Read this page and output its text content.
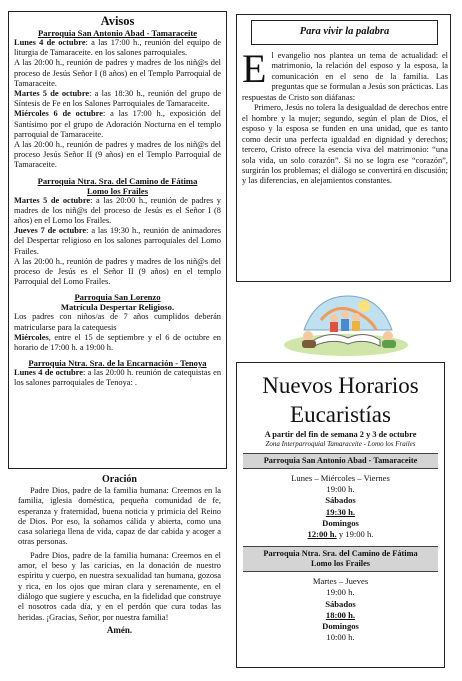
Avisos
Parroquia San Antonio Abad - Tamaraceite
Lunes 4 de octubre: a las 17:00 h., reunión del equipo de liturgia de Tamaraceite. en los salones parroquiales.
A las 20:00 h., reunión de padres y madres de los niñ@s del proceso de Jesús Señor I (8 años) en el Templo Parroquial de Tamaraceite.
Martes 5 de octubre: a las 18:30 h., reunión del grupo de Síntesis de Fe en los Salones Parroquiales de Tamaraceite.
Miércoles 6 de octubre: a las 17:00 h., exposición del Santísimo por el grupo de Adoración Nocturna en el templo parroquial de Tamaraceite.
A las 20:00 h., reunión de padres y madres de los niñ@s del proceso Jesús Señor II (9 años) en el Templo Parroquial de Tamaraceite.
Parroquia Ntra. Sra. del Camino de Fátima
Lomo los Frailes
Martes 5 de octubre: a las 20:00 h., reunión de padres y madres de los niñ@s del proceso de Jesús es el Señor I (8 años) en el Lomo los Frailes.
Jueves 7 de octubre: a las 19:30 h., reunión de animadores del Despertar religioso en los salones parroquiales del Lomo Frailes.
A las 20:00 h., reunión de padres y madres de los niñ@s del proceso de Jesús es el Señor II (9 años) en el templo Parroquial del Lomo Frailes.
Parroquia San Lorenzo
Matrícula Despertar Religioso.
Los padres con niños/as de 7 años cumplidos deberán matricularse para la catequesis
Miércoles, entre el 15 de septiembre y el 6 de octubre en horario de 17:00 h. a 19:00 h.
Parroquia Ntra. Sra. de la Encarnación - Tenoya
Lunes 4 de octubre: a las 20:00 h. reunión de catequistas en los salones parroquiales de Tenoya: .
Oración
Padre Dios, padre de la familia humana: Creemos en la familia, iglesia doméstica, pequeña comunidad de fe, esperanza y fraternidad, buena noticia y primicia del Reino de Dios. Por eso, la soñamos cálida y abierta, como una casa solariega llena de vida, capaz de dar cabida y acoger a otras personas.
Padre Dios, padre de la familia humana: Creemos en el amor, el beso y las caricias, en la donación de nuestro espíritu y cuerpo, en nuestra sexualidad tan humana, gozosa y rica, en los ojos que miran clara y serenamente, en el diálogo que sugiere y escucha, en la fidelidad que construye el nosotros cada día, y en el perdón que cura todas las heridas. ¡Gracias, Señor, por nuestra familia!
Amén.
Para vivir la palabra
El evangelio nos plantea un tema de actualidad: el matrimonio, la relación del esposo y la esposa, la comunicación en el seno de la familia. Las preguntas que se formulan a Jesús son prácticas. Las respuestas de Cristo son diáfanas:
Primero, Jesús no tolera la desigualdad de derechos entre el hombre y la mujer; segundo, según el plan de Dios, el esposo y la esposa se funden en una unidad, que es tanto como decir una perfecta igualdad en dignidad y derechos; tercero, Cristo ofrece la esencia viva del matrimonio: “una sola vida, un solo corazón”. Si no se logra ese “corazón”, surgirán los problemas; el diálogo se convertirá en discusión; y las diferencias, en alejamientos constantes.
Nuevos Horarios
Eucaristías
A partir del fin de semana 2 y 3 de octubre
Zona Interparroquial Tamaraceite - Lomo los Frailes
Parroquia San Antonio Abad - Tamaraceite
Lunes – Miércoles – Viernes
19:00 h.
Sábados
19:30 h.
Domingos
12:00 h. y 19:00 h.
Parroquia Ntra. Sra. del Camino de Fátima
Lomo los Frailes
Martes – Jueves
19:00 h.
Sábados
18:00 h.
Domingos
10:00 h.
